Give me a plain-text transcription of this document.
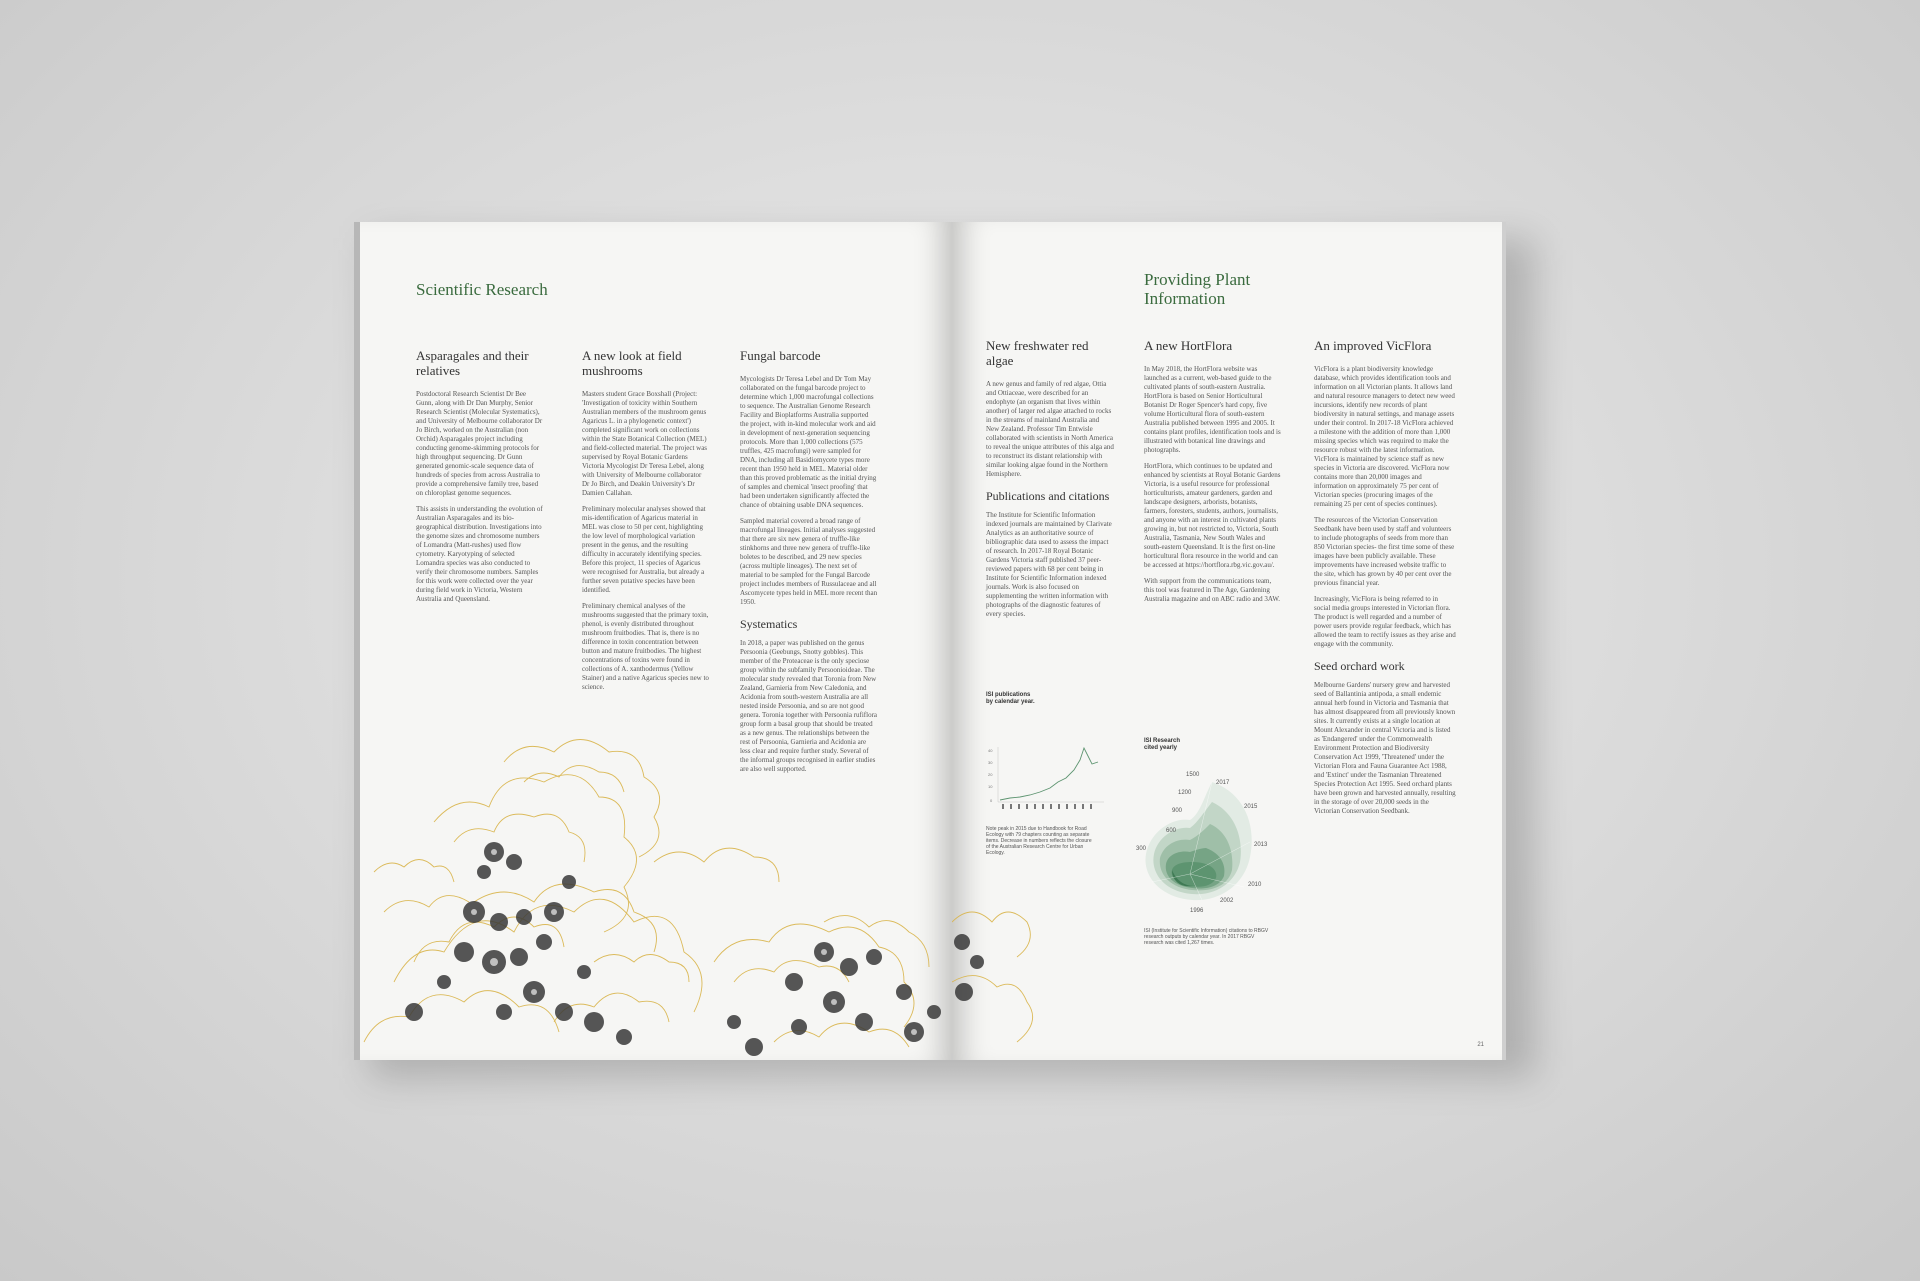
Scientific Research
Asparagales and their relatives

Postdoctoral Research Scientist Dr Bee Gunn, along with Dr Dan Murphy, Senior Research Scientist (Molecular Systematics), and University of Melbourne collaborator Dr Jo Birch, worked on the Australian (non Orchid) Asparagales project including conducting genome-skimming protocols for high throughput sequencing. Dr Gunn generated genomic-scale sequence data of hundreds of species from across Australia to provide a comprehensive family tree, based on chloroplast genome sequences.

This assists in understanding the evolution of Australian Asparagales and its bio-geographical distribution. Investigations into the genome sizes and chromosome numbers of Lomandra (Matt-rushes) used flow cytometry. Karyotyping of selected Lomandra species was also conducted to verify their chromosome numbers. Samples for this work were collected over the year during field work in Victoria, Western Australia and Queensland.

A new look at field mushrooms

Masters student Grace Boxshall (Project: 'Investigation of toxicity within Southern Australian members of the mushroom genus Agaricus L. in a phylogenetic context') completed significant work on collections within the State Botanical Collection (MEL) and field-collected material. The project was supervised by Royal Botanic Gardens Victoria Mycologist Dr Teresa Lebel, along with University of Melbourne collaborator Dr Jo Birch, and Deakin University's Dr Damien Callahan.

Preliminary molecular analyses showed that mis-identification of Agaricus material in MEL was close to 50 per cent, highlighting the low level of morphological variation present in the genus, and the resulting difficulty in accurately identifying species. Before this project, 11 species of Agaricus were recognised for Australia, but already a further seven putative species have been identified.

Preliminary chemical analyses of the mushrooms suggested that the primary toxin, phenol, is evenly distributed throughout mushroom fruitbodies. That is, there is no difference in toxin concentration between button and mature fruitbodies. The highest concentrations of toxins were found in collections of A. xanthodermus (Yellow Stainer) and a native Agaricus species new to science.

Fungal barcode

Mycologists Dr Teresa Lebel and Dr Tom May collaborated on the fungal barcode project to determine which 1,000 macrofungal collections to sequence. The Australian Genome Research Facility and Bioplatforms Australia supported the project, with in-kind molecular work and aid in development of next-generation sequencing protocols. More than 1,000 collections (575 truffles, 425 macrofungi) were sampled for DNA, including all Basidiomycete types more recent than 1950 held in MEL. Material older than this proved problematic as the initial drying of samples and chemical 'insect proofing' that had been undertaken significantly affected the chance of obtaining usable DNA sequences.

Sampled material covered a broad range of macrofungal lineages. Initial analyses suggested that there are six new genera of truffle-like stinkhorns and three new genera of truffle-like boletes to be described, and 29 new species (across multiple lineages). The next set of material to be sampled for the Fungal Barcode project includes members of Russulaceae and all Ascomycete types held in MEL more recent than 1950.

Systematics

In 2018, a paper was published on the genus Persoonia (Geebungs, Snotty gobbles). This member of the Proteaceae is the only speciose group within the subfamily Persoonioideae. The molecular study revealed that Toronia from New Zealand, Garnieria from New Caledonia, and Acidonia from south-western Australia are all nested inside Persoonia, and so are not good genera. Toronia together with Persoonia rufiflora group form a basal group that should be treated as a new genus. The relationships between the rest of Persoonia, Garnieria and Acidonia are less clear and require further study. Several of the informal groups recognised in earlier studies are also well supported.

Providing Plant
Information
New freshwater red algae

A new genus and family of red algae, Ottia and Ottiaceae, were described for an endophyte (an organism that lives within another) of larger red algae attached to rocks in the streams of mainland Australia and New Zealand. Professor Tim Entwisle collaborated with scientists in North America to reveal the unique attributes of this alga and to reconstruct its distant relationship with similar looking algae found in the Northern Hemisphere.

Publications and citations

The Institute for Scientific Information indexed journals are maintained by Clarivate Analytics as an authoritative source of bibliographic data used to assess the impact of research. In 2017-18 Royal Botanic Gardens Victoria staff published 37 peer-reviewed papers with 68 per cent being in Institute for Scientific Information indexed journals. Work is also focused on supplementing the written information with photographs of the diagnostic features of every species.

A new HortFlora

In May 2018, the HortFlora website was launched as a current, web-based guide to the cultivated plants of south-eastern Australia. HortFlora is based on Senior Horticultural Botanist Dr Roger Spencer's hard copy, five volume Horticultural flora of south-eastern Australia published between 1995 and 2005. It contains plant profiles, identification tools and is illustrated with botanical line drawings and photographs.

HortFlora, which continues to be updated and enhanced by scientists at Royal Botanic Gardens Victoria, is a useful resource for professional horticulturists, amateur gardeners, garden and landscape designers, arborists, botanists, farmers, foresters, students, authors, journalists, and anyone with an interest in cultivated plants growing in, but not restricted to, Victoria, South Australia, Tasmania, New South Wales and south-eastern Queensland. It is the first on-line horticultural flora resource in the world and can be accessed at https://hortflora.rbg.vic.gov.au/.

With support from the communications team, this tool was featured in The Age, Gardening Australia magazine and on ABC radio and 3AW.

An improved VicFlora

VicFlora is a plant biodiversity knowledge database, which provides identification tools and information on all Victorian plants. It allows land and natural resource managers to detect new weed incursions, identify new records of plant biodiversity in natural settings, and manage assets under their control. In 2017-18 VicFlora achieved a milestone with the addition of more than 1,000 missing species which was required to make the resource robust with the latest information. VicFlora is maintained by science staff as new species in Victoria are discovered. VicFlora now contains more than 20,000 images and information on approximately 75 per cent of Victorian species (procuring images of the remaining 25 per cent of species continues).

The resources of the Victorian Conservation Seedbank have been used by staff and volunteers to include photographs of seeds from more than 850 Victorian species- the first time some of these images have been publicly available. These improvements have increased website traffic to the site, which has grown by 40 per cent over the previous financial year.

Increasingly, VicFlora is being referred to in social media groups interested in Victorian flora. The product is well regarded and a number of power users provide regular feedback, which has allowed the team to rectify issues as they arise and engage with the community.

Seed orchard work

Melbourne Gardens' nursery grew and harvested seed of Ballantinia antipoda, a small endemic annual herb found in Victoria and Tasmania that has almost disappeared from all previously known sites. It currently exists at a single location at Mount Alexander in central Victoria and is listed as 'Endangered' under the Commonwealth Environment Protection and Biodiversity Conservation Act 1999, 'Threatened' under the Victorian Flora and Fauna Guarantee Act 1988, and 'Extinct' under the Tasmanian Threatened Species Protection Act 1995. Seed orchard plants have been grown and harvested annually, resulting in the storage of over 20,000 seeds in the Victorian Conservation Seedbank.

ISI publications
by calendar year.

40
30
20
10
0

Note peak in 2015 due to Handbook for Road Ecology with 79 chapters counting as separate items. Decrease in numbers reflects the closure of the Australian Research Centre for Urban Ecology.

ISI Research
cited yearly

1500
1200
900
600
300
2017
2015
2013
2010
2002
1996

ISI (Institute for Scientific Information) citations to RBGV research outputs by calendar year. In 2017 RBGV research was cited 1,267 times.

21
